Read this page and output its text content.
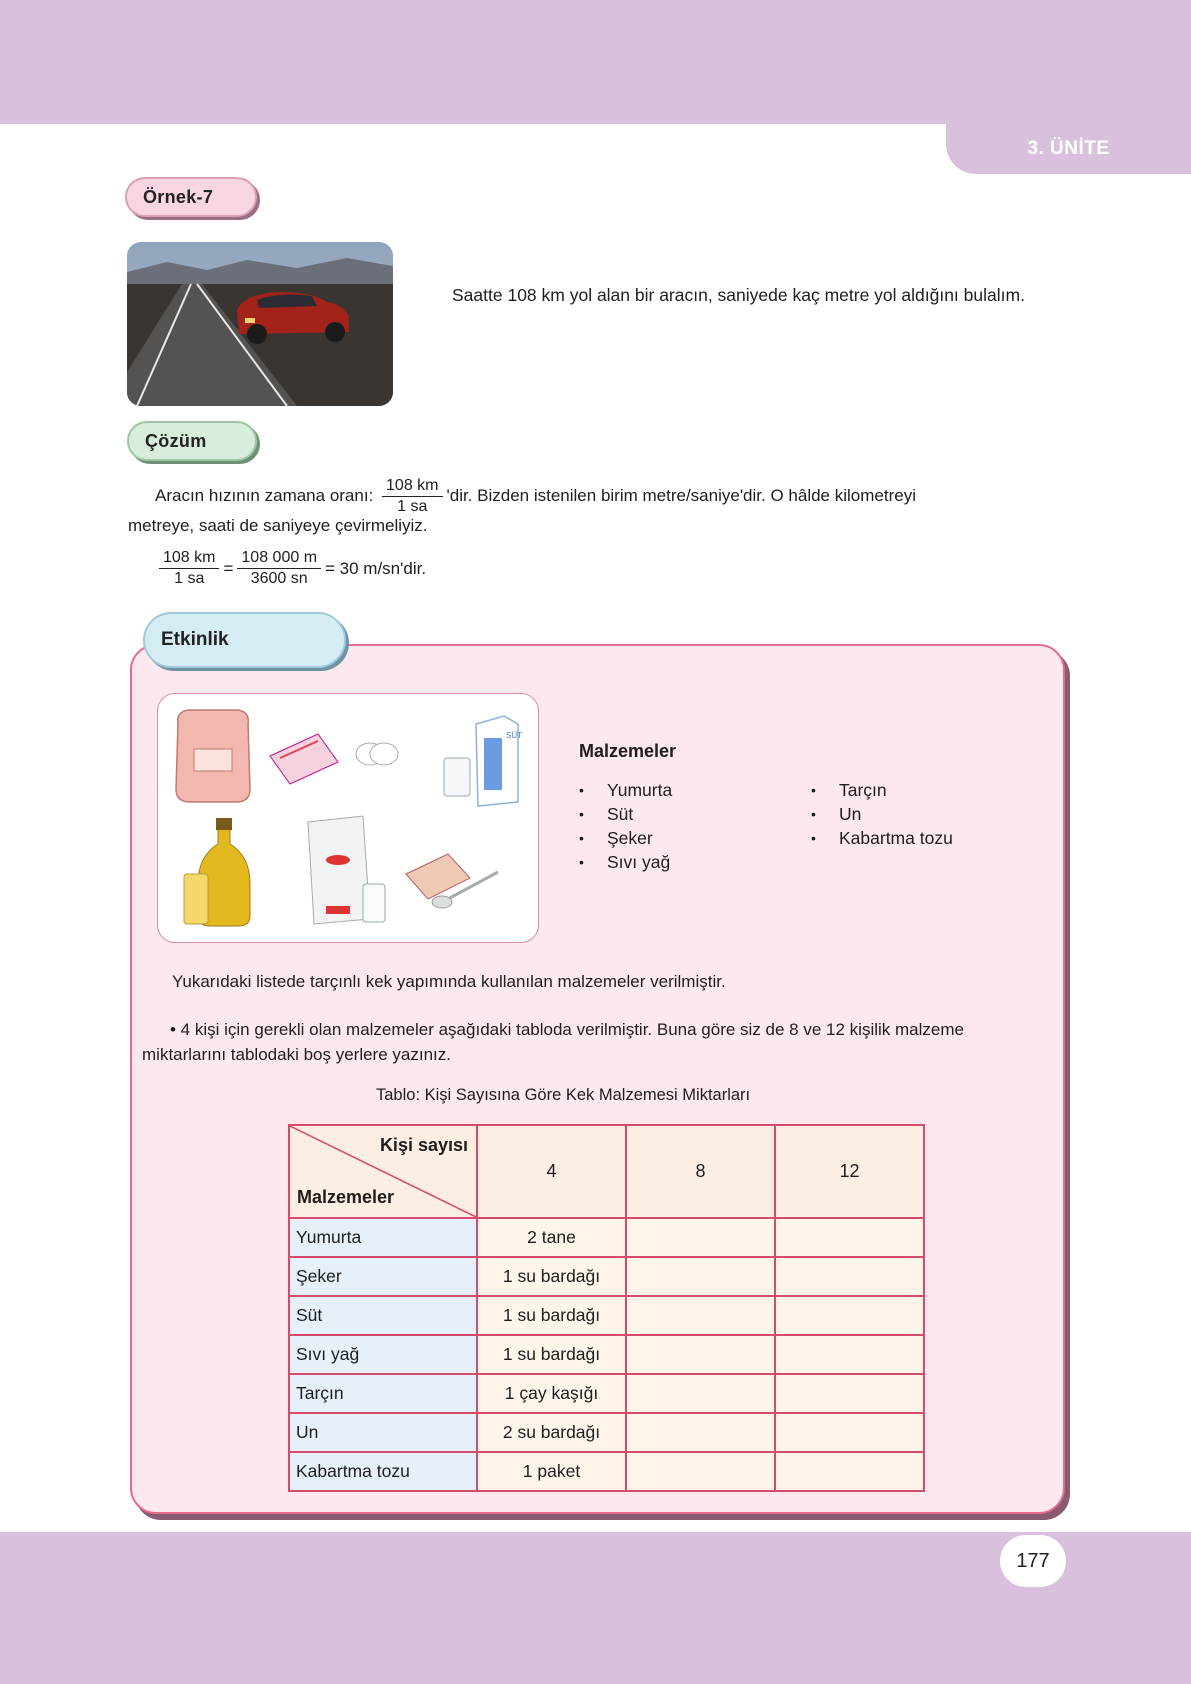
3. ÜNİTE
Örnek-7
Saatte 108 km yol alan bir aracın, saniyede kaç metre yol aldığını bulalım.
Çözüm
Aracın hızının zamana oranı: $\frac{108 km}{1 sa}$ 'dir. Bizden istenilen birim metre/saniye'dir. O hâlde kilometreyi
metreye, saati de saniyeye çevirmeliyiz.
$\frac{108 km}{1 sa} = \frac{108 000 m}{3600 sn} = 30$ m/sn'dir.
Etkinlik
SÜT
Malzemeler
• Yumurta
• Süt
• Şeker
• Sıvı yağ
• Tarçın
• Un
• Kabartma tozu
Yukarıdaki listede tarçınlı kek yapımında kullanılan malzemeler verilmiştir.
• 4 kişi için gerekli olan malzemeler aşağıdaki tabloda verilmiştir. Buna göre siz de 8 ve 12 kişilik malzeme miktarlarını tablodaki boş yerlere yazınız.
Tablo: Kişi Sayısına Göre Kek Malzemesi Miktarları
Kişi sayısı
Malzemeler	4	8	12
Yumurta	2 tane		
Şeker	1 su bardağı		
Süt	1 su bardağı		
Sıvı yağ	1 su bardağı		
Tarçın	1 çay kaşığı		
Un	2 su bardağı		
Kabartma tozu	1 paket		
177
